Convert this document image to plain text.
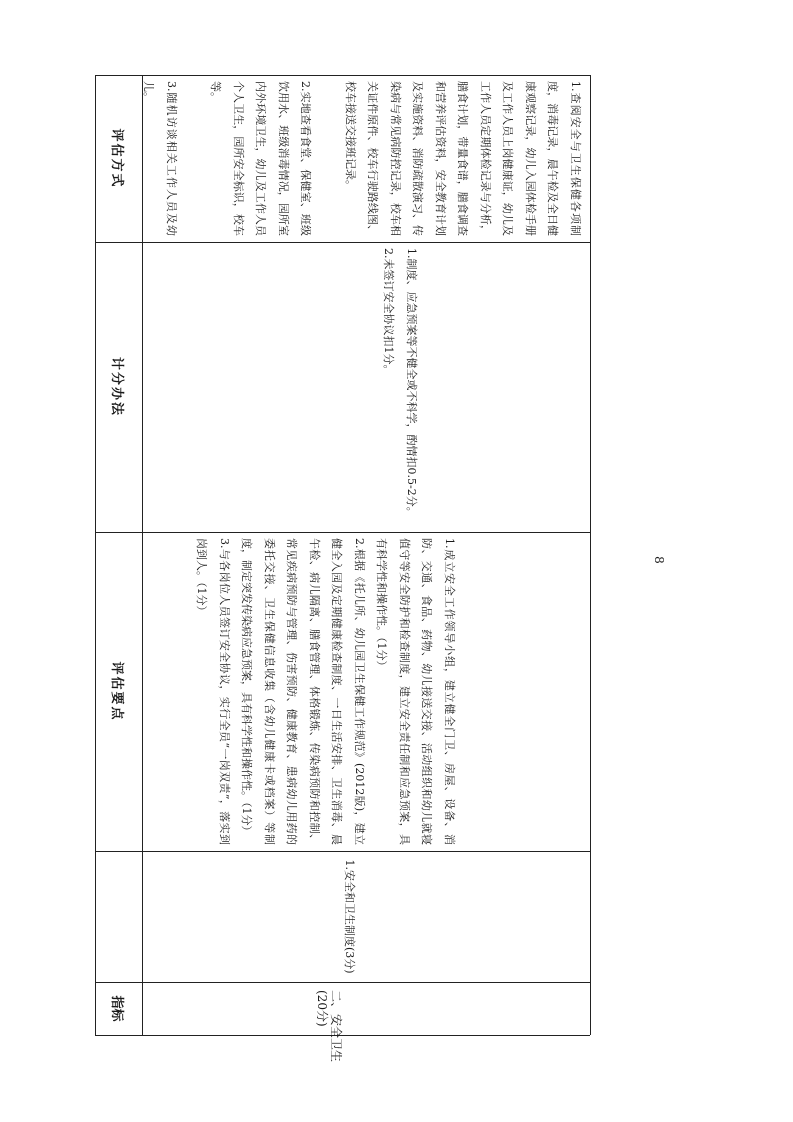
评估方式
计分办法
评估要点
指标

1.查阅安全与卫生保健各项制度，消毒记录，晨午检及全日健康观察记录，幼儿入园体检手册及工作人员上岗健康证，幼儿及工作人员定期体检记录与分析，膳食计划，带量食谱，膳食调查和营养评估资料，安全教育计划及实施资料、消防疏散演习、传染病与常见病防控记录，校车相关证件原件、校车行驶路线图、校车接送交接班记录。

2.实地查看食堂、保健室、班级饮用水、班级消毒情况，园所室内外环境卫生，幼儿及工作人员个人卫生，园所安全标识，校车等。

3.随机访谈相关工作人员及幼儿。

1.制度、应急预案等不健全或不科学，酌情扣0.5-2分。

2.未签订安全协议扣1分。

1.成立安全工作领导小组，建立健全门卫、房屋、设备、消防、交通、食品、药物、幼儿接送交接、活动组织和幼儿就寝值守等安全防护和检查制度，建立安全责任制和应急预案，具有科学性和操作性。（1分）

2.根据《托儿所、幼儿园卫生保健工作规范》(2012版)，建立健全入园及定期健康检查制度、一日生活安排、卫生消毒、晨午检、病儿隔离、膳食管理、体格锻炼、传染病预防和控制、常见疾病预防与管理、伤害预防、健康教育、患病幼儿用药的委托交接、卫生保健信息收集（含幼儿健康卡或档案）等制度，制定突发传染病应急预案，具有科学性和操作性。（1分）

3.与各岗位人员签订安全协议，实行全员“一岗双责”，落实到岗到人。（1分）

1.安全和卫生制度(3分)
二、安全卫生
(20分)
8
